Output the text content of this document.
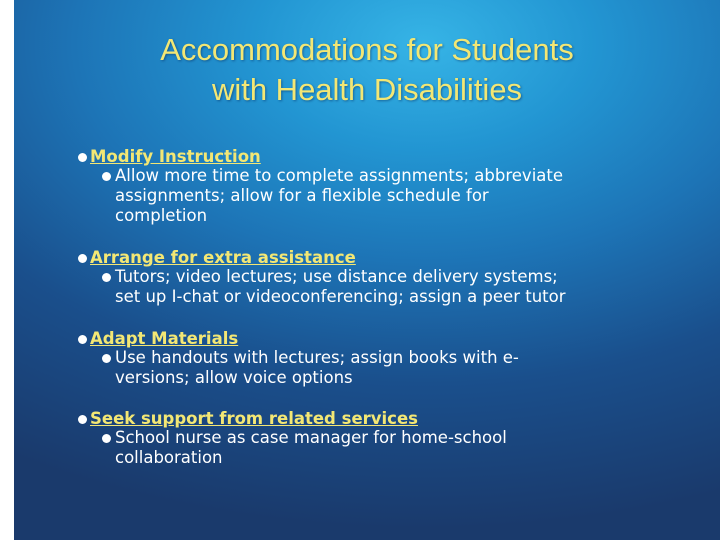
Accommodations for Students
with Health Disabilities
Modify Instruction
Allow more time to complete assignments; abbreviate
assignments; allow for a flexible schedule for
completion
Arrange for extra assistance
Tutors; video lectures; use distance delivery systems;
set up I-chat or videoconferencing; assign a peer tutor
Adapt Materials
Use handouts with lectures; assign books with e-
versions; allow voice options
Seek support from related services
School nurse as case manager for home-school
collaboration
